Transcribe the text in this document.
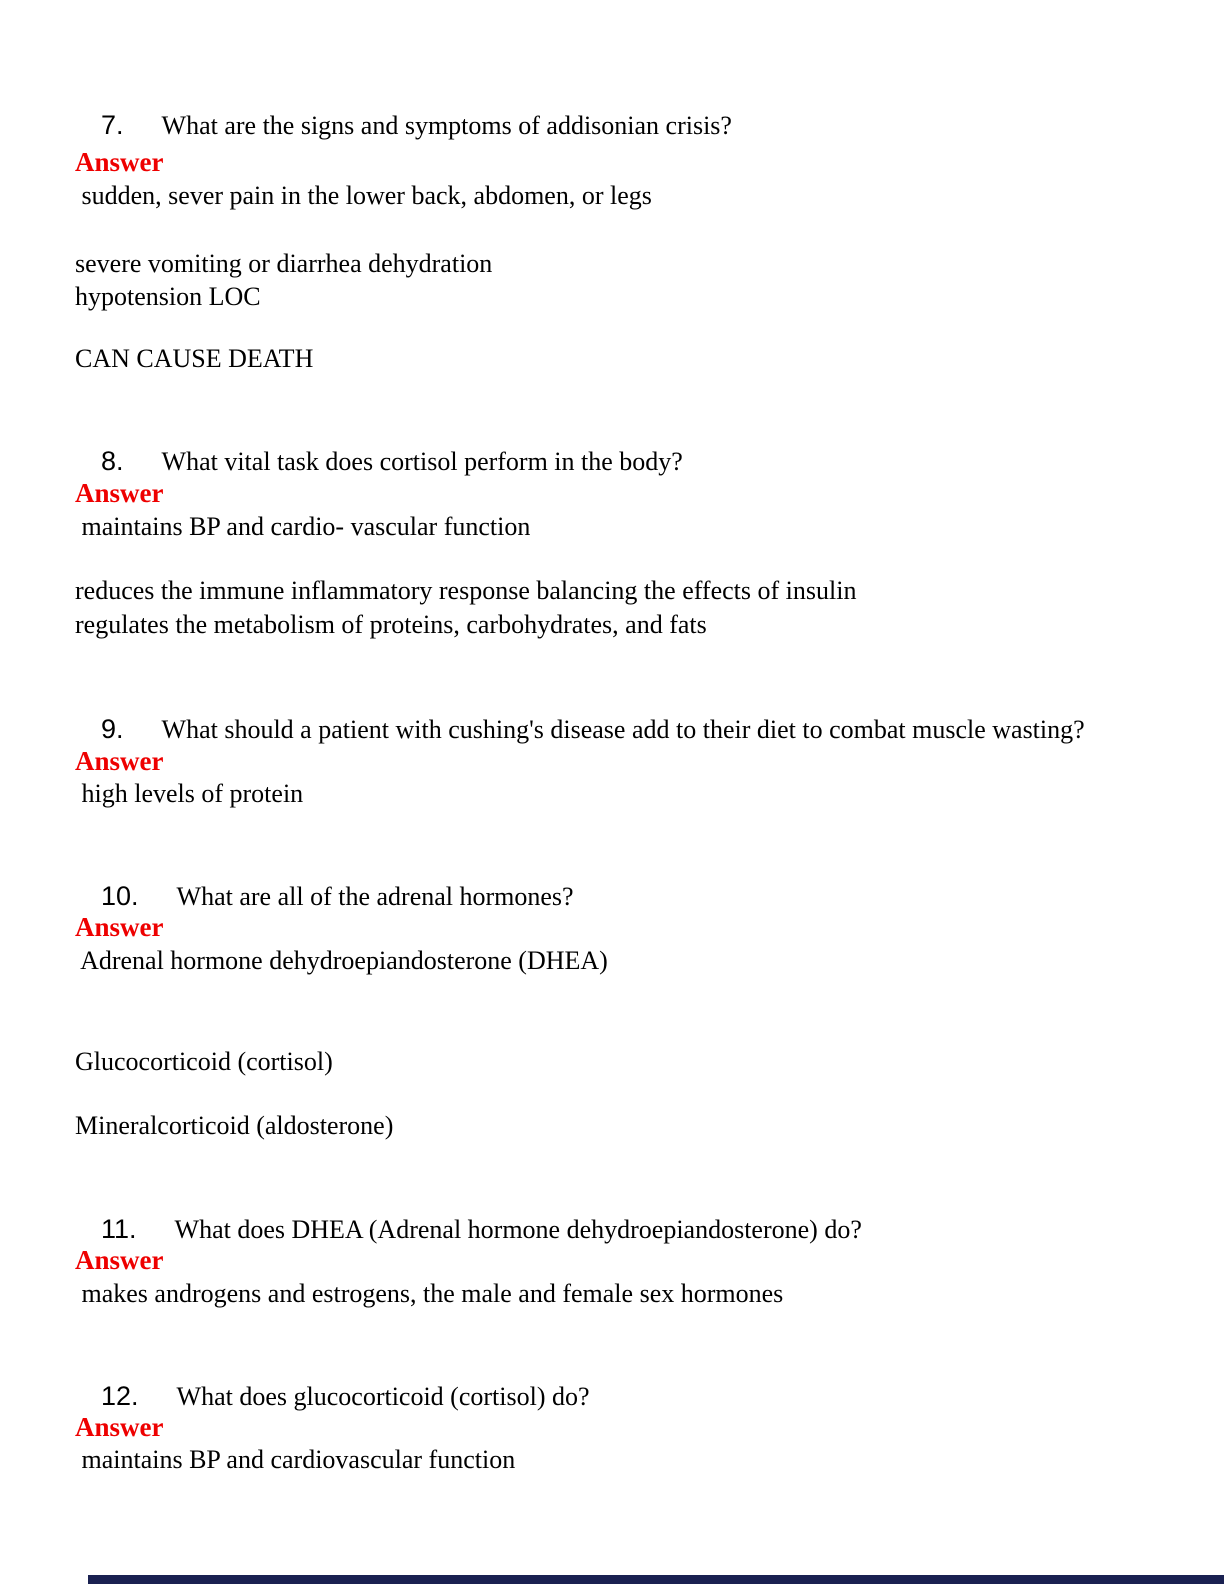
7. What are the signs and symptoms of addisonian crisis?

Answer
sudden, sever pain in the lower back, abdomen, or legs
severe vomiting or diarrhea dehydration
hypotension LOC
CAN CAUSE DEATH

8. What vital task does cortisol perform in the body?

Answer
maintains BP and cardio- vascular function
reduces the immune inflammatory response balancing the effects of insulin
regulates the metabolism of proteins, carbohydrates, and fats

9. What should a patient with cushing's disease add to their diet to combat muscle wasting?

Answer
high levels of protein

10. What are all of the adrenal hormones?

Answer
Adrenal hormone dehydroepiandosterone (DHEA)
Glucocorticoid (cortisol)
Mineralcorticoid (aldosterone)

11. What does DHEA (Adrenal hormone dehydroepiandosterone) do?

Answer
makes androgens and estrogens, the male and female sex hormones

12. What does glucocorticoid (cortisol) do?

Answer
maintains BP and cardiovascular function
